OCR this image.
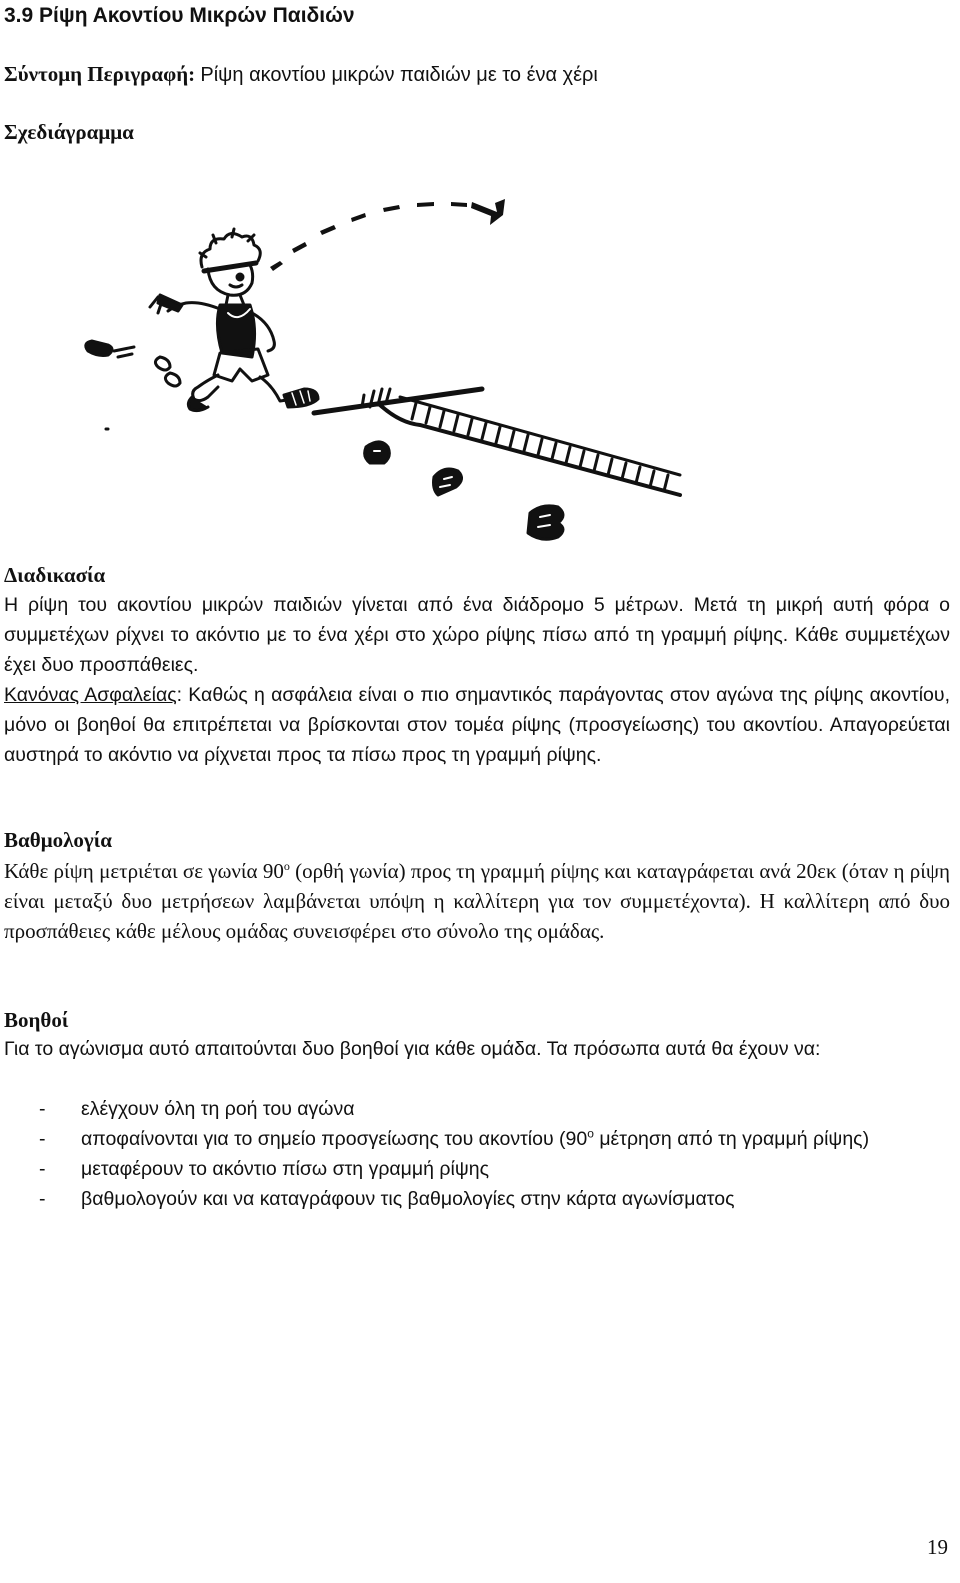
3.9 Ρίψη Ακοντίου Μικρών Παιδιών
Σύντομη Περιγραφή: Ρίψη ακοντίου μικρών παιδιών με το ένα χέρι
Σχεδιάγραμμα
Διαδικασία

Η ρίψη του ακοντίου μικρών παιδιών γίνεται από ένα διάδρομο 5 μέτρων. Μετά τη μικρή αυτή φόρα ο συμμετέχων ρίχνει το ακόντιο με το ένα χέρι στο χώρο ρίψης πίσω από τη γραμμή ρίψης. Κάθε συμμετέχων έχει δυο προσπάθειες.
Κανόνας Ασφαλείας: Καθώς η ασφάλεια είναι ο πιο σημαντικός παράγοντας στον αγώνα της ρίψης ακοντίου, μόνο οι βοηθοί θα επιτρέπεται να βρίσκονται στον τομέα ρίψης (προσγείωσης) του ακοντίου. Απαγορεύεται αυστηρά το ακόντιο να ρίχνεται προς τα πίσω προς τη γραμμή ρίψης.

Βαθμολογία

Κάθε ρίψη μετριέται σε γωνία $90^o$ (ορθή γωνία) προς τη γραμμή ρίψης και καταγράφεται ανά 20εκ (όταν η ρίψη είναι μεταξύ δυο μετρήσεων λαμβάνεται υπόψη η καλλίτερη για τον συμμετέχοντα). Η καλλίτερη από δυο προσπάθειες κάθε μέλους ομάδας συνεισφέρει στο σύνολο της ομάδας.

Βοηθοί

Για το αγώνισμα αυτό απαιτούνται δυο βοηθοί για κάθε ομάδα. Τα πρόσωπα αυτά θα έχουν να:

- ελέγχουν όλη τη ροή του αγώνα
- αποφαίνονται για το σημείο προσγείωσης του ακοντίου ($90^o$ μέτρηση από τη γραμμή ρίψης)
- μεταφέρουν το ακόντιο πίσω στη γραμμή ρίψης
- βαθμολογούν και να καταγράφουν τις βαθμολογίες στην κάρτα αγωνίσματος
19
